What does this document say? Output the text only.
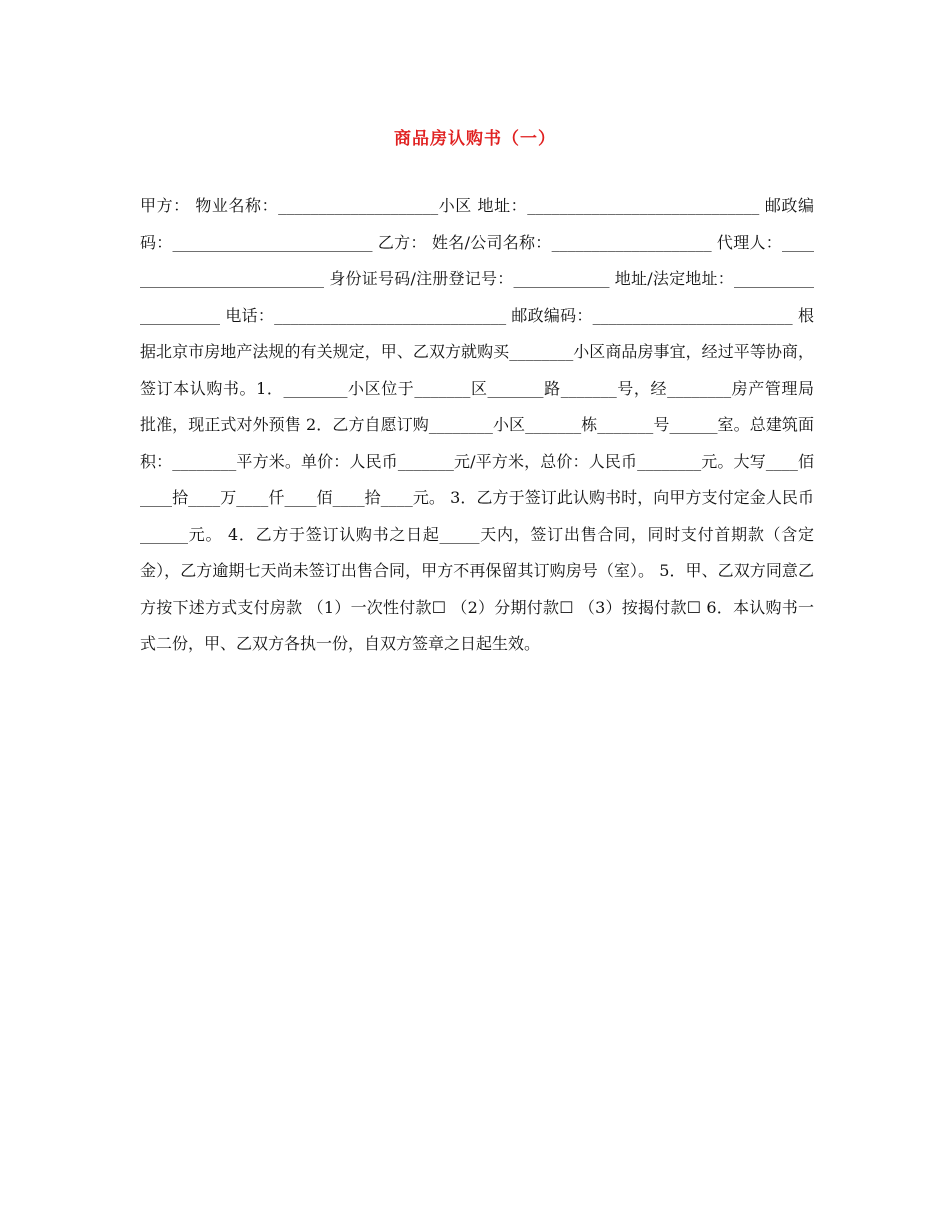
商品房认购书（一）
甲方： 物业名称：____________________小区 地址：_____________________________ 邮政编码：_________________________ 乙方： 姓名/公司名称：____________________ 代理人：___________________________ 身份证号码/注册登记号：____________ 地址/法定地址：____________________ 电话：_____________________________ 邮政编码：_________________________ 根据北京市房地产法规的有关规定，甲、乙双方就购买________小区商品房事宜，经过平等协商，签订本认购书。1．________小区位于_______区_______路_______号，经________房产管理局批准，现正式对外预售 2．乙方自愿订购________小区_______栋_______号______室。总建筑面积：________平方米。单价：人民币_______元/平方米，总价：人民币________元。大写____佰____拾____万____仟____佰____拾____元。 3．乙方于签订此认购书时，向甲方支付定金人民币______元。 4．乙方于签订认购书之日起_____天内，签订出售合同，同时支付首期款（含定金），乙方逾期七天尚未签订出售合同，甲方不再保留其订购房号（室）。 5．甲、乙双方同意乙方按下述方式支付房款 （1）一次性付款☐ （2）分期付款☐ （3）按揭付款☐ 6．本认购书一式二份，甲、乙双方各执一份，自双方签章之日起生效。
